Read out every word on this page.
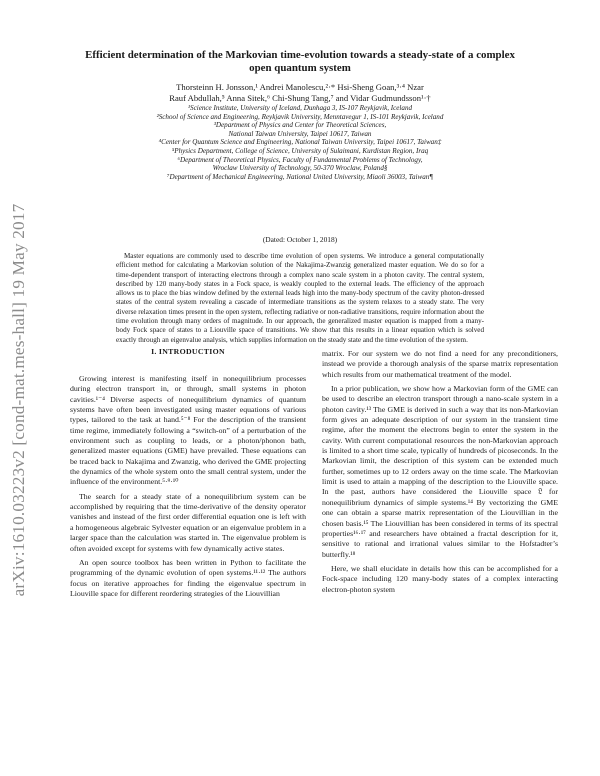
arXiv:1610.03223v2 [cond-mat.mes-hall] 19 May 2017
Efficient determination of the Markovian time-evolution towards a steady-state of a complex open quantum system
Thorsteinn H. Jonsson,¹ Andrei Manolescu,²·* Hsi-Sheng Goan,³·⁴ Nzar
Rauf Abdullah,⁵ Anna Sitek,⁶ Chi-Shung Tang,⁷ and Vidar Gudmundsson¹·†
¹Science Institute, University of Iceland, Dunhaga 3, IS-107 Reykjavik, Iceland
²School of Science and Engineering, Reykjavik University, Menntavegur 1, IS-101 Reykjavik, Iceland
³Department of Physics and Center for Theoretical Sciences,
National Taiwan University, Taipei 10617, Taiwan
⁴Center for Quantum Science and Engineering, National Taiwan University, Taipei 10617, Taiwan‡
⁵Physics Department, College of Science, University of Sulaimani, Kurdistan Region, Iraq
⁶Department of Theoretical Physics, Faculty of Fundamental Problems of Technology,
Wroclaw University of Technology, 50-370 Wroclaw, Poland§
⁷Department of Mechanical Engineering, National United University, Miaoli 36003, Taiwan¶
(Dated: October 1, 2018)
Master equations are commonly used to describe time evolution of open systems. We introduce a general computationally efficient method for calculating a Markovian solution of the Nakajima-Zwanzig generalized master equation. We do so for a time-dependent transport of interacting electrons through a complex nano scale system in a photon cavity. The central system, described by 120 many-body states in a Fock space, is weakly coupled to the external leads. The efficiency of the approach allows us to place the bias window defined by the external leads high into the many-body spectrum of the cavity photon-dressed states of the central system revealing a cascade of intermediate transitions as the system relaxes to a steady state. The very diverse relaxation times present in the open system, reflecting radiative or non-radiative transitions, require information about the time evolution through many orders of magnitude. In our approach, the generalized master equation is mapped from a many-body Fock space of states to a Liouville space of transitions. We show that this results in a linear equation which is solved exactly through an eigenvalue analysis, which supplies information on the steady state and the time evolution of the system.
I. INTRODUCTION

Growing interest is manifesting itself in nonequilibrium processes during electron transport in, or through, small systems in photon cavities.¹⁻⁴ Diverse aspects of nonequilibrium dynamics of quantum systems have often been investigated using master equations of various types, tailored to the task at hand.⁵⁻⁸ For the description of the transient time regime, immediately following a “switch-on” of a perturbation of the environment such as coupling to leads, or a photon/phonon bath, generalized master equations (GME) have prevailed. These equations can be traced back to Nakajima and Zwanzig, who derived the GME projecting the dynamics of the whole system onto the small central system, under the influence of the environment.⁵·⁹·¹⁰

The search for a steady state of a nonequilibrium system can be accomplished by requiring that the time-derivative of the density operator vanishes and instead of the first order differential equation one is left with a homogeneous algebraic Sylvester equation or an eigenvalue problem in a larger space than the calculation was started in. The eigenvalue problem is often avoided except for systems with few dynamically active states.

An open source toolbox has been written in Python to facilitate the programming of the dynamic evolution of open systems.¹¹·¹² The authors focus on iterative approaches for finding the eigenvalue spectrum in Liouville space for different reordering strategies of the Liouvillian

matrix. For our system we do not find a need for any preconditioners, instead we provide a thorough analysis of the sparse matrix representation which results from our mathematical treatment of the model.

In a prior publication, we show how a Markovian form of the GME can be used to describe an electron transport through a nano-scale system in a photon cavity.¹³ The GME is derived in such a way that its non-Markovian form gives an adequate description of our system in the transient time regime, after the moment the electrons begin to enter the system in the cavity. With current computational resources the non-Markovian approach is limited to a short time scale, typically of hundreds of picoseconds. In the Markovian limit, the description of this system can be extended much further, sometimes up to 12 orders away on the time scale. The Markovian limit is used to attain a mapping of the description to the Liouville space. In the past, authors have considered the Liouville space 𝔏 for nonequilibrium dynamics of simple systems.¹⁴ By vectorizing the GME one can obtain a sparse matrix representation of the Liouvillian in the chosen basis.¹⁵ The Liouvillian has been considered in terms of its spectral properties¹⁶·¹⁷ and researchers have obtained a fractal description for it, sensitive to rational and irrational values similar to the Hofstadter’s butterfly.¹⁸

Here, we shall elucidate in details how this can be accomplished for a Fock-space including 120 many-body states of a complex interacting electron-photon system
